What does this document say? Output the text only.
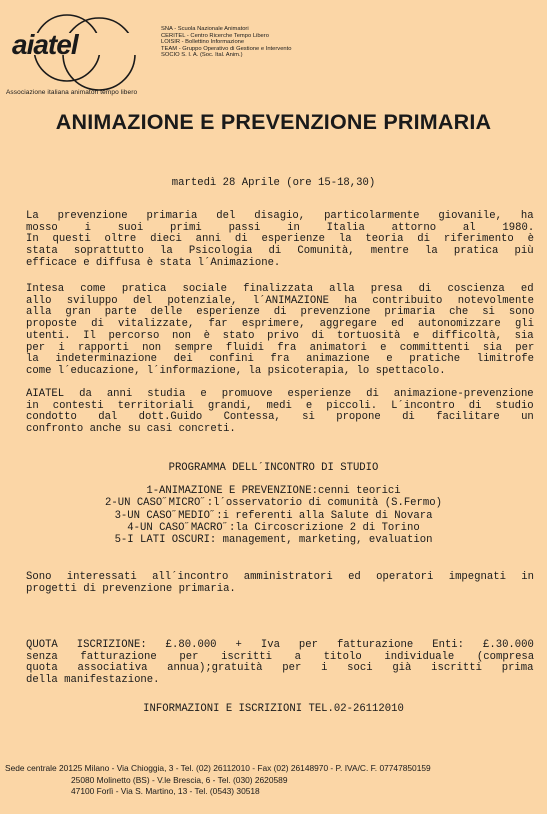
aiatel
Associazione italiana animatori tempo libero
SNA - Scuola Nazionale Animatori
CERITEL - Centro Ricerche Tempo Libero
LOISIR - Bollettino Informazione
TEAM - Gruppo Operativo di Gestione e Intervento
SOCIO S. I. A. (Soc. Ital. Anim.)
ANIMAZIONE E PREVENZIONE PRIMARIA
martedì 28 Aprile (ore 15-18,30)
La prevenzione primaria del disagio, particolarmente giovanile, ha
mosso i suoi primi passi in Italia attorno al 1980.
In questi oltre dieci anni di esperienze la teoria di riferimento è
stata soprattutto la Psicologia di Comunità, mentre la pratica più
efficace e diffusa è stata l´Animazione.
Intesa come pratica sociale finalizzata alla presa di coscienza ed
allo sviluppo del potenziale, l´ANIMAZIONE ha contribuito notevolmente
alla gran parte delle esperienze di prevenzione primaria che si sono
proposte di vitalizzate, far esprimere, aggregare ed autonomizzare gli
utenti. Il percorso non è stato privo di tortuosità e difficoltà, sia
per i rapporti non sempre fluidi fra animatori e committenti sia per
la indeterminazione dei confini fra animazione e pratiche limitrofe
come l´educazione, l´informazione, la psicoterapia, lo spettacolo.
AIATEL da anni studia e promuove esperienze di animazione-prevenzione
in contesti territoriali grandi, medi e piccoli. L´incontro di studio
condotto dal dott.Guido Contessa, si propone di facilitare un
confronto anche su casi concreti.
PROGRAMMA DELL´INCONTRO DI STUDIO
1-ANIMAZIONE E PREVENZIONE:cenni teorici
2-UN CASO˝MICRO˝:l´osservatorio di comunità (S.Fermo)
3-UN CASO˝MEDIO˝:i referenti alla Salute di Novara
4-UN CASO˝MACRO˝:la Circoscrizione 2 di Torino
5-I LATI OSCURI: management, marketing, evaluation
Sono interessati all´incontro amministratori ed operatori impegnati in
progetti di prevenzione primaria.
QUOTA ISCRIZIONE: £.80.000 + Iva per fatturazione Enti: £.30.000
senza fatturazione per iscritti a titolo individuale (compresa
quota associativa annua);gratuità per i soci già iscritti prima
della manifestazione.
INFORMAZIONI E ISCRIZIONI TEL.02-26112010
Sede centrale 20125 Milano - Via Chioggia, 3 - Tel. (02) 26112010 - Fax (02) 26148970 - P. IVA/C. F. 07747850159
25080 Molinetto (BS) - V.le Brescia, 6 - Tel. (030) 2620589
47100 Forlì - Via S. Martino, 13 - Tel. (0543) 30518
